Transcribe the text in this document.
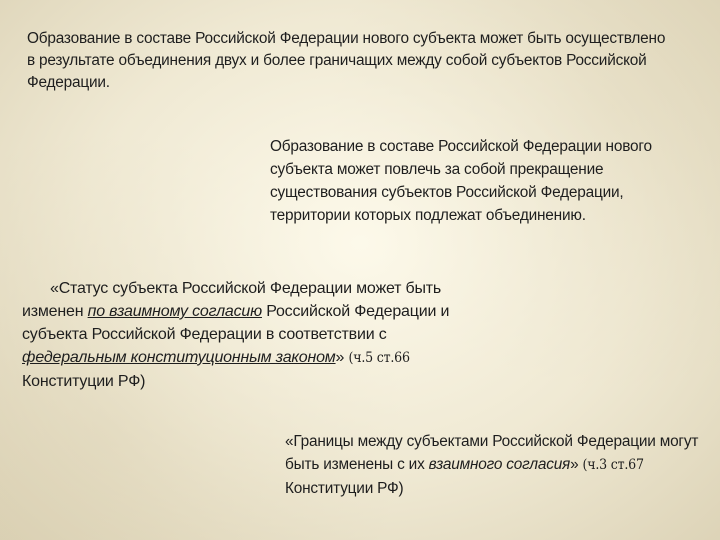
Образование в составе Российской Федерации нового субъекта может быть осуществлено в результате объединения двух и более граничащих между собой субъектов Российской Федерации.
Образование в составе Российской Федерации нового субъекта может повлечь за собой прекращение существования субъектов Российской Федерации, территории которых подлежат объединению.
«Статус субъекта Российской Федерации может быть изменен по взаимному согласию Российской Федерации и субъекта Российской Федерации в соответствии с федеральным конституционным законом» (ч.5 ст.66
Конституции РФ)
«Границы между субъектами Российской Федерации могут быть изменены с их взаимного согласия» (ч.3 ст.67
Конституции РФ)
